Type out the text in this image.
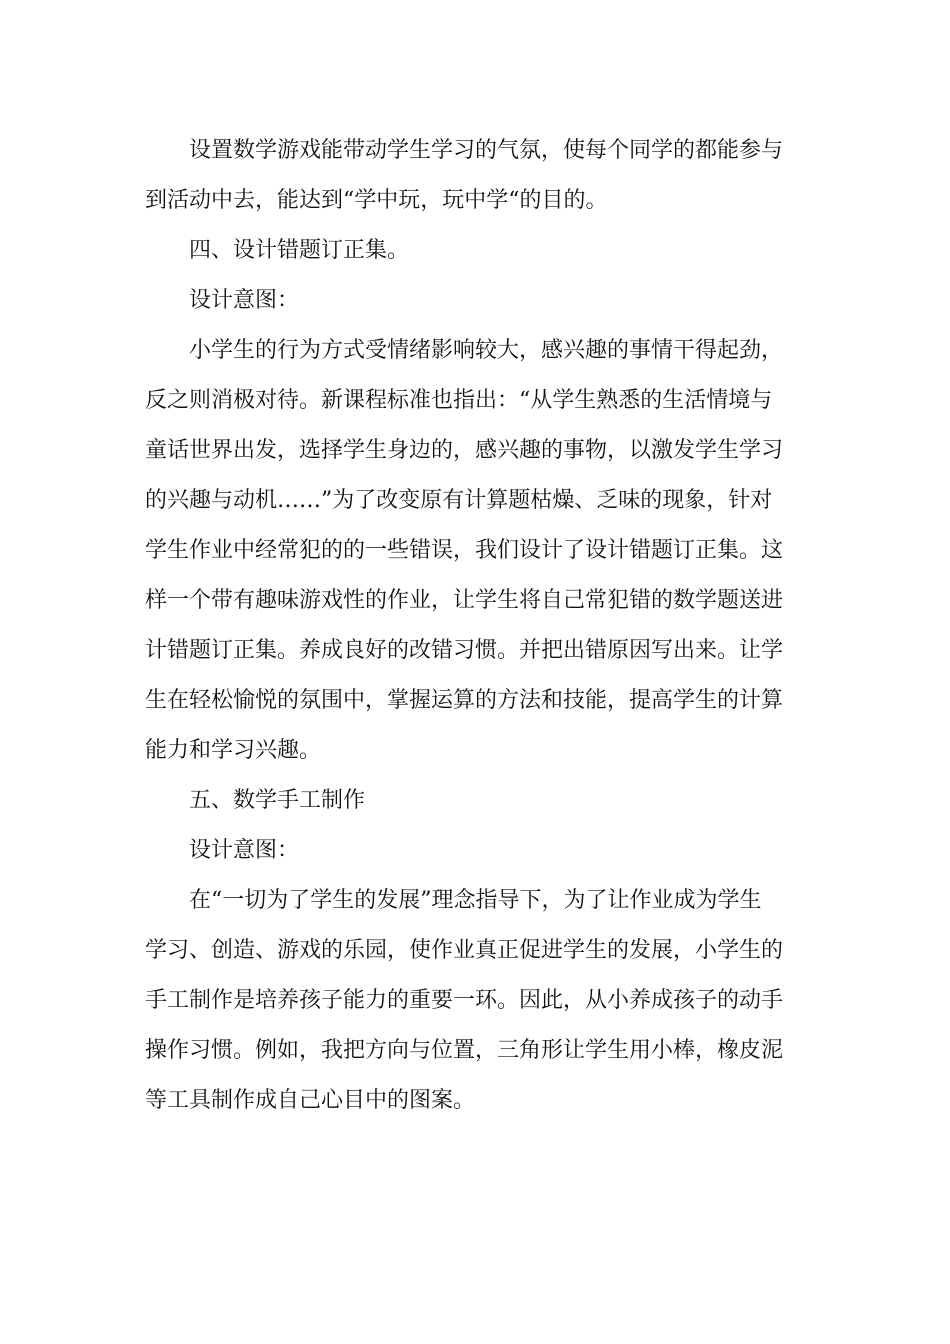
设置数学游戏能带动学生学习的气氛，使每个同学的都能参与
到活动中去，能达到“学中玩，玩中学“的目的。
四、设计错题订正集。
设计意图：
小学生的行为方式受情绪影响较大，感兴趣的事情干得起劲，
反之则消极对待。新课程标准也指出：“从学生熟悉的生活情境与
童话世界出发，选择学生身边的，感兴趣的事物，以激发学生学习
的兴趣与动机……”为了改变原有计算题枯燥、乏味的现象，针对
学生作业中经常犯的的一些错误，我们设计了设计错题订正集。这
样一个带有趣味游戏性的作业，让学生将自己常犯错的数学题送进
计错题订正集。养成良好的改错习惯。并把出错原因写出来。让学
生在轻松愉悦的氛围中，掌握运算的方法和技能，提高学生的计算
能力和学习兴趣。
五、数学手工制作
设计意图：
在“一切为了学生的发展”理念指导下，为了让作业成为学生
学习、创造、游戏的乐园，使作业真正促进学生的发展，小学生的
手工制作是培养孩子能力的重要一环。因此，从小养成孩子的动手
操作习惯。例如，我把方向与位置，三角形让学生用小棒，橡皮泥
等工具制作成自己心目中的图案。
